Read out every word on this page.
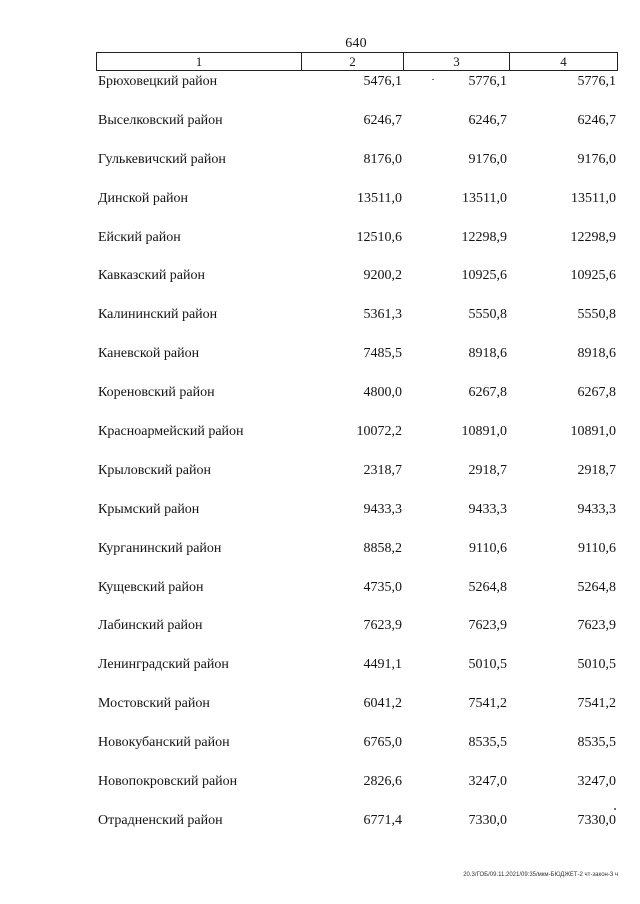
640
1	2	3	4
Брюховецкий район	5476,1	5776,1	5776,1
Выселковский район	6246,7	6246,7	6246,7
Гулькевичский район	8176,0	9176,0	9176,0
Динской район	13511,0	13511,0	13511,0
Ейский район	12510,6	12298,9	12298,9
Кавказский район	9200,2	10925,6	10925,6
Калининский район	5361,3	5550,8	5550,8
Каневской район	7485,5	8918,6	8918,6
Кореновский район	4800,0	6267,8	6267,8
Красноармейский район	10072,2	10891,0	10891,0
Крыловский район	2318,7	2918,7	2918,7
Крымский район	9433,3	9433,3	9433,3
Курганинский район	8858,2	9110,6	9110,6
Кущевский район	4735,0	5264,8	5264,8
Лабинский район	7623,9	7623,9	7623,9
Ленинградский район	4491,1	5010,5	5010,5
Мостовский район	6041,2	7541,2	7541,2
Новокубанский район	6765,0	8535,5	8535,5
Новопокровский район	2826,6	3247,0	3247,0
Отрадненский район	6771,4	7330,0	7330,0
20.3/ГОБ/09.11.2021/09:35/мкм-БЮДЖЕТ-2 чт-закон-3 ч
